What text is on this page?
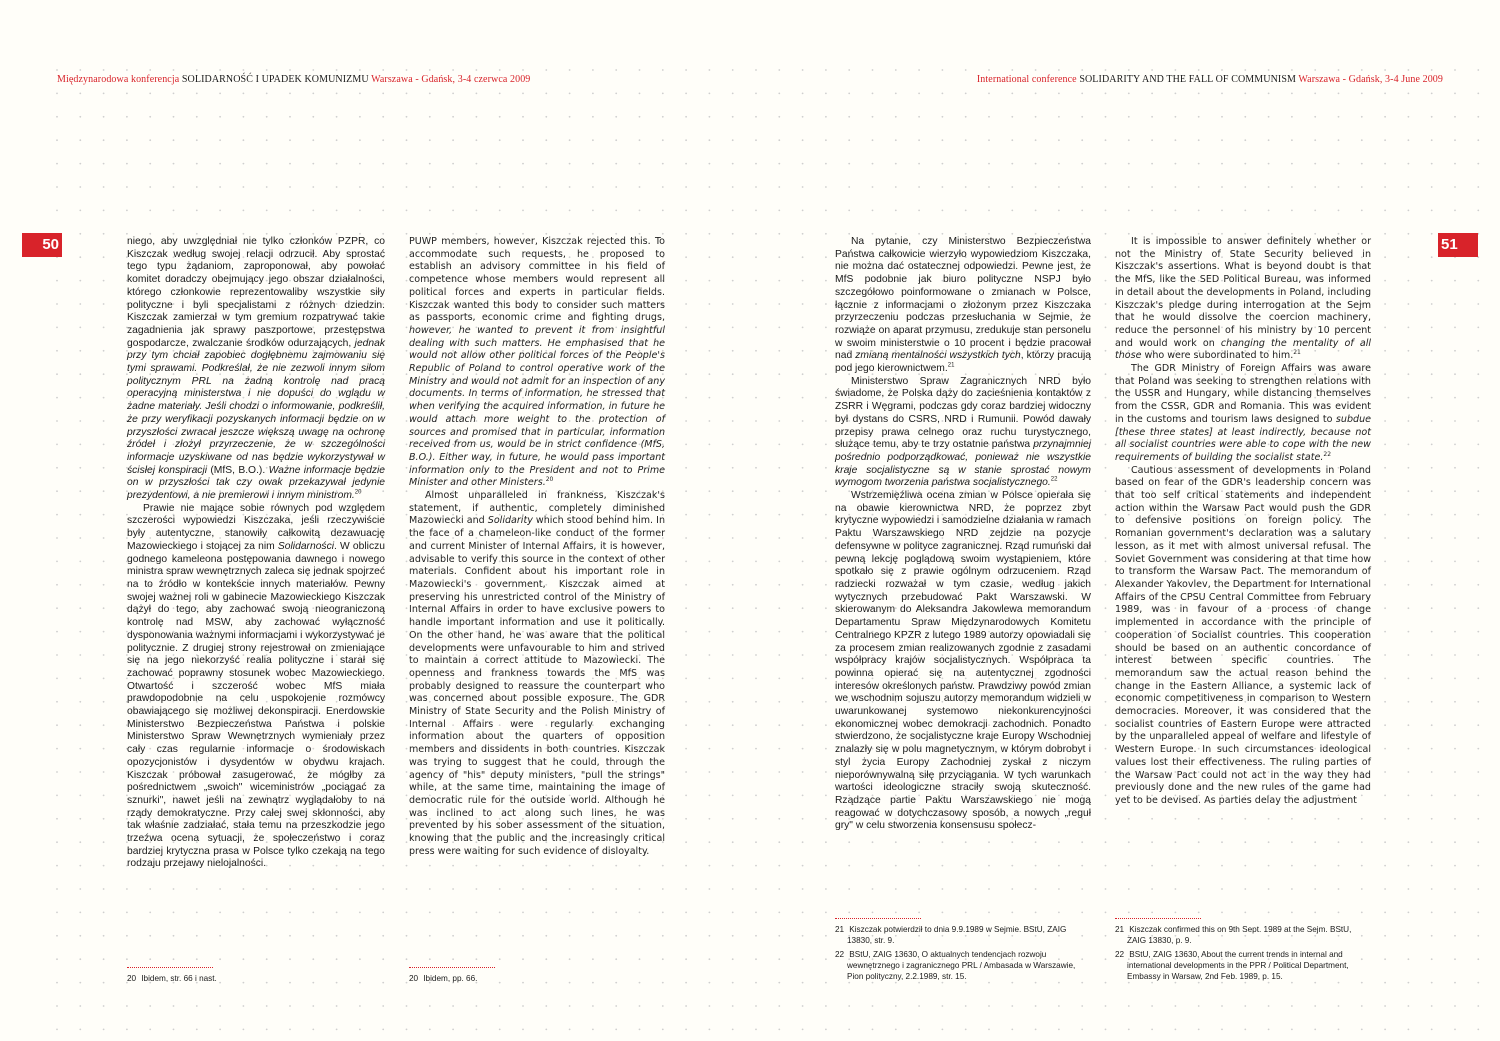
Międzynarodowa konferencja SOLIDARNOŚĆ I UPADEK KOMUNIZMU Warszawa - Gdańsk, 3-4 czerwca 2009	International conference SOLIDARITY AND THE FALL OF COMMUNISM Warszawa - Gdańsk, 3-4 June 2009
50	51

niego, aby uwzględniał nie tylko członków PZPR, co Kiszczak według swojej relacji odrzucił. Aby sprostać tego typu żądaniom, zaproponował, aby powołać komitet doradczy obejmujący jego obszar działalności, którego członkowie reprezentowaliby wszystkie siły polityczne i byli specjalistami z różnych dziedzin. Kiszczak zamierzał w tym gremium rozpatrywać takie zagadnienia jak sprawy paszportowe, przestępstwa gospodarcze, zwalczanie środków odurzających, jednak przy tym chciał zapobiec dogłębnemu zajmowaniu się tymi sprawami. Podkreślał, że nie zezwoli innym siłom politycznym PRL na żadną kontrolę nad pracą operacyjną ministerstwa i nie dopuści do wglądu w żadne materiały. Jeśli chodzi o informowanie, podkreślił, że przy weryfikacji pozyskanych informacji będzie on w przyszłości zwracał jeszcze większą uwagę na ochronę źródeł i złożył przyrzeczenie, że w szczególności informacje uzyskiwane od nas będzie wykorzystywał w ścisłej konspiracji (MfS, B.O.). Ważne informacje będzie on w przyszłości tak czy owak przekazywał jedynie prezydentowi, a nie premierowi i innym ministrom.$^{20}$

Prawie nie mające sobie równych pod względem szczerości wypowiedzi Kiszczaka, jeśli rzeczywiście były autentyczne, stanowiły całkowitą dezawuację Mazowieckiego i stojącej za nim Solidarności. W obliczu godnego kameleona postępowania dawnego i nowego ministra spraw wewnętrznych zaleca się jednak spojrzeć na to źródło w kontekście innych materiałów. Pewny swojej ważnej roli w gabinecie Mazowieckiego Kiszczak dążył do tego, aby zachować swoją nieograniczoną kontrolę nad MSW, aby zachować wyłączność dysponowania ważnymi informacjami i wykorzystywać je politycznie. Z drugiej strony rejestrował on zmieniające się na jego niekorzyść realia polityczne i starał się zachować poprawny stosunek wobec Mazowieckiego. Otwartość i szczerość wobec MfS miała prawdopodobnie na celu uspokojenie rozmówcy obawiającego się możliwej dekonspiracji. Enerdowskie Ministerstwo Bezpieczeństwa Państwa i polskie Ministerstwo Spraw Wewnętrznych wymieniały przez cały czas regularnie informacje o środowiskach opozycjonistów i dysydentów w obydwu krajach. Kiszczak próbował zasugerować, że mógłby za pośrednictwem „swoich" wiceministrów „pociągać za sznurki", nawet jeśli na zewnątrz wyglądałoby to na rządy demokratyczne. Przy całej swej skłonności, aby tak właśnie zadziałać, stała temu na przeszkodzie jego trzeźwa ocena sytuacji, że społeczeństwo i coraz bardziej krytyczna prasa w Polsce tylko czekają na tego rodzaju przejawy nielojalności.

PUWP members, however, Kiszczak rejected this. To accommodate such requests, he proposed to establish an advisory committee in his field of competence whose members would represent all political forces and experts in particular fields. Kiszczak wanted this body to consider such matters as passports, economic crime and fighting drugs, however, he wanted to prevent it from insightful dealing with such matters. He emphasised that he would not allow other political forces of the People's Republic of Poland to control operative work of the Ministry and would not admit for an inspection of any documents. In terms of information, he stressed that when verifying the acquired information, in future he would attach more weight to the protection of sources and promised that in particular, information received from us, would be in strict confidence (MfS, B.O.). Either way, in future, he would pass important information only to the President and not to Prime Minister and other Ministers.$^{20}$

Almost unparalleled in frankness, Kiszczak's statement, if authentic, completely diminished Mazowiecki and Solidarity which stood behind him. In the face of a chameleon-like conduct of the former and current Minister of Internal Affairs, it is however, advisable to verify this source in the context of other materials. Confident about his important role in Mazowiecki's government, Kiszczak aimed at preserving his unrestricted control of the Ministry of Internal Affairs in order to have exclusive powers to handle important information and use it politically. On the other hand, he was aware that the political developments were unfavourable to him and strived to maintain a correct attitude to Mazowiecki. The openness and frankness towards the MfS was probably designed to reassure the counterpart who was concerned about possible exposure. The GDR Ministry of State Security and the Polish Ministry of Internal Affairs were regularly exchanging information about the quarters of opposition members and dissidents in both countries. Kiszczak was trying to suggest that he could, through the agency of "his" deputy ministers, "pull the strings" while, at the same time, maintaining the image of democratic rule for the outside world. Although he was inclined to act along such lines, he was prevented by his sober assessment of the situation, knowing that the public and the increasingly critical press were waiting for such evidence of disloyalty.

Na pytanie, czy Ministerstwo Bezpieczeństwa Państwa całkowicie wierzyło wypowiedziom Kiszczaka, nie można dać ostatecznej odpowiedzi. Pewne jest, że MfS podobnie jak biuro polityczne NSPJ było szczegółowo poinformowane o zmianach w Polsce, łącznie z informacjami o złożonym przez Kiszczaka przyrzeczeniu podczas przesłuchania w Sejmie, że rozwiąże on aparat przymusu, zredukuje stan personelu w swoim ministerstwie o 10 procent i będzie pracował nad zmianą mentalności wszystkich tych, którzy pracują pod jego kierownictwem.$^{21}$

Ministerstwo Spraw Zagranicznych NRD było świadome, że Polska dąży do zacieśnienia kontaktów z ZSRR i Węgrami, podczas gdy coraz bardziej widoczny był dystans do CSRS, NRD i Rumunii. Powód dawały przepisy prawa celnego oraz ruchu turystycznego, służące temu, aby te trzy ostatnie państwa przynajmniej pośrednio podporządkować, ponieważ nie wszystkie kraje socjalistyczne są w stanie sprostać nowym wymogom tworzenia państwa socjalistycznego.$^{22}$

Wstrzemięźliwa ocena zmian w Polsce opierała się na obawie kierownictwa NRD, że poprzez zbyt krytyczne wypowiedzi i samodzielne działania w ramach Paktu Warszawskiego NRD zejdzie na pozycje defensywne w polityce zagranicznej. Rząd rumuński dał pewną lekcję poglądową swoim wystąpieniem, które spotkało się z prawie ogólnym odrzuceniem. Rząd radziecki rozważał w tym czasie, według jakich wytycznych przebudować Pakt Warszawski. W skierowanym do Aleksandra Jakowlewa memorandum Departamentu Spraw Międzynarodowych Komitetu Centralnego KPZR z lutego 1989 autorzy opowiadali się za procesem zmian realizowanych zgodnie z zasadami współpracy krajów socjalistycznych. Współpraca ta powinna opierać się na autentycznej zgodności interesów określonych państw. Prawdziwy powód zmian we wschodnim sojuszu autorzy memorandum widzieli w uwarunkowanej systemowo niekonkurencyjności ekonomicznej wobec demokracji zachodnich. Ponadto stwierdzono, że socjalistyczne kraje Europy Wschodniej znalazły się w polu magnetycznym, w którym dobrobyt i styl życia Europy Zachodniej zyskał z niczym nieporównywalną siłę przyciągania. W tych warunkach wartości ideologiczne straciły swoją skuteczność. Rządzące partie Paktu Warszawskiego nie mogą reagować w dotychczasowy sposób, a nowych „reguł gry" w celu stworzenia konsensusu społecz-

It is impossible to answer definitely whether or not the Ministry of State Security believed in Kiszczak's assertions. What is beyond doubt is that the MfS, like the SED Political Bureau, was informed in detail about the developments in Poland, including Kiszczak's pledge during interrogation at the Sejm that he would dissolve the coercion machinery, reduce the personnel of his ministry by 10 percent and would work on changing the mentality of all those who were subordinated to him.$^{21}$

The GDR Ministry of Foreign Affairs was aware that Poland was seeking to strengthen relations with the USSR and Hungary, while distancing themselves from the CSSR, GDR and Romania. This was evident in the customs and tourism laws designed to subdue [these three states] at least indirectly, because not all socialist countries were able to cope with the new requirements of building the socialist state.$^{22}$

Cautious assessment of developments in Poland based on fear of the GDR's leadership concern was that too self critical statements and independent action within the Warsaw Pact would push the GDR to defensive positions on foreign policy. The Romanian government's declaration was a salutary lesson, as it met with almost universal refusal. The Soviet Government was considering at that time how to transform the Warsaw Pact. The memorandum of Alexander Yakovlev, the Department for International Affairs of the CPSU Central Committee from February 1989, was in favour of a process of change implemented in accordance with the principle of cooperation of Socialist countries. This cooperation should be based on an authentic concordance of interest between specific countries. The memorandum saw the actual reason behind the change in the Eastern Alliance, a systemic lack of economic competitiveness in comparison to Western democracies. Moreover, it was considered that the socialist countries of Eastern Europe were attracted by the unparalleled appeal of welfare and lifestyle of Western Europe. In such circumstances ideological values lost their effectiveness. The ruling parties of the Warsaw Pact could not act in the way they had previously done and the new rules of the game had yet to be devised. As parties delay the adjustment

20 Ibidem, str. 66 i nast.	20 Ibidem, pp. 66.
21 Kiszczak potwierdził to dnia 9.9.1989 w Sejmie. BStU, ZAIG 13830, str. 9.
22 BStU, ZAIG 13630, O aktualnych tendencjach rozwoju wewnętrznego i zagranicznego PRL / Ambasada w Warszawie, Pion polityczny, 2.2.1989, str. 15.
21 Kiszczak confirmed this on 9th Sept. 1989 at the Sejm. BStU, ZAIG 13830, p. 9.
22 BStU, ZAIG 13630, About the current trends in internal and international developments in the PPR / Political Department, Embassy in Warsaw, 2nd Feb. 1989, p. 15.
